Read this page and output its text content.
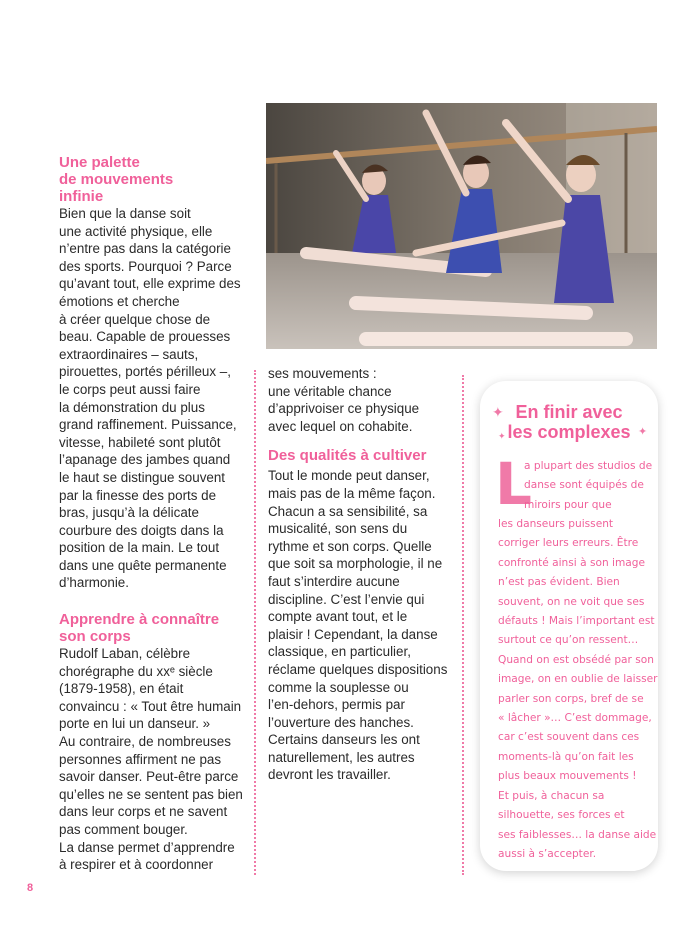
Une palette
de mouvements
infinie

Bien que la danse soit
une activité physique, elle
n’entre pas dans la catégorie
des sports. Pourquoi ? Parce
qu’avant tout, elle exprime des
émotions et cherche
à créer quelque chose de
beau. Capable de prouesses
extraordinaires – sauts,
pirouettes, portés périlleux –,
le corps peut aussi faire
la démonstration du plus
grand raffinement. Puissance,
vitesse, habileté sont plutôt
l’apanage des jambes quand
le haut se distingue souvent
par la finesse des ports de
bras, jusqu’à la délicate
courbure des doigts dans la
position de la main. Le tout
dans une quête permanente
d’harmonie.

Apprendre à connaître
son corps

Rudolf Laban, célèbre
chorégraphe du xxᵉ siècle
(1879-1958), en était
convaincu : « Tout être humain
porte en lui un danseur. »
Au contraire, de nombreuses
personnes affirment ne pas
savoir danser. Peut-être parce
qu’elles ne se sentent pas bien
dans leur corps et ne savent
pas comment bouger.
La danse permet d’apprendre
à respirer et à coordonner

ses mouvements :
une véritable chance
d’apprivoiser ce physique
avec lequel on cohabite.

Des qualités à cultiver

Tout le monde peut danser,
mais pas de la même façon.
Chacun a sa sensibilité, sa
musicalité, son sens du
rythme et son corps. Quelle
que soit sa morphologie, il ne
faut s’interdire aucune
discipline. C’est l’envie qui
compte avant tout, et le
plaisir ! Cependant, la danse
classique, en particulier,
réclame quelques dispositions
comme la souplesse ou
l’en-dehors, permis par
l’ouverture des hanches.
Certains danseurs les ont
naturellement, les autres
devront les travailler.

✦
✦
✦
En finir avec
les complexes
L
a plupart des studios de
danse sont équipés de
miroirs pour que
les danseurs puissent
corriger leurs erreurs. Être
confronté ainsi à son image
n’est pas évident. Bien
souvent, on ne voit que ses
défauts ! Mais l’important est
surtout ce qu’on ressent…
Quand on est obsédé par son
image, on en oublie de laisser
parler son corps, bref de se
« lâcher »… C’est dommage,
car c’est souvent dans ces
moments-là qu’on fait les
plus beaux mouvements !
Et puis, à chacun sa
silhouette, ses forces et
ses faiblesses… la danse aide
aussi à s’accepter.
8
